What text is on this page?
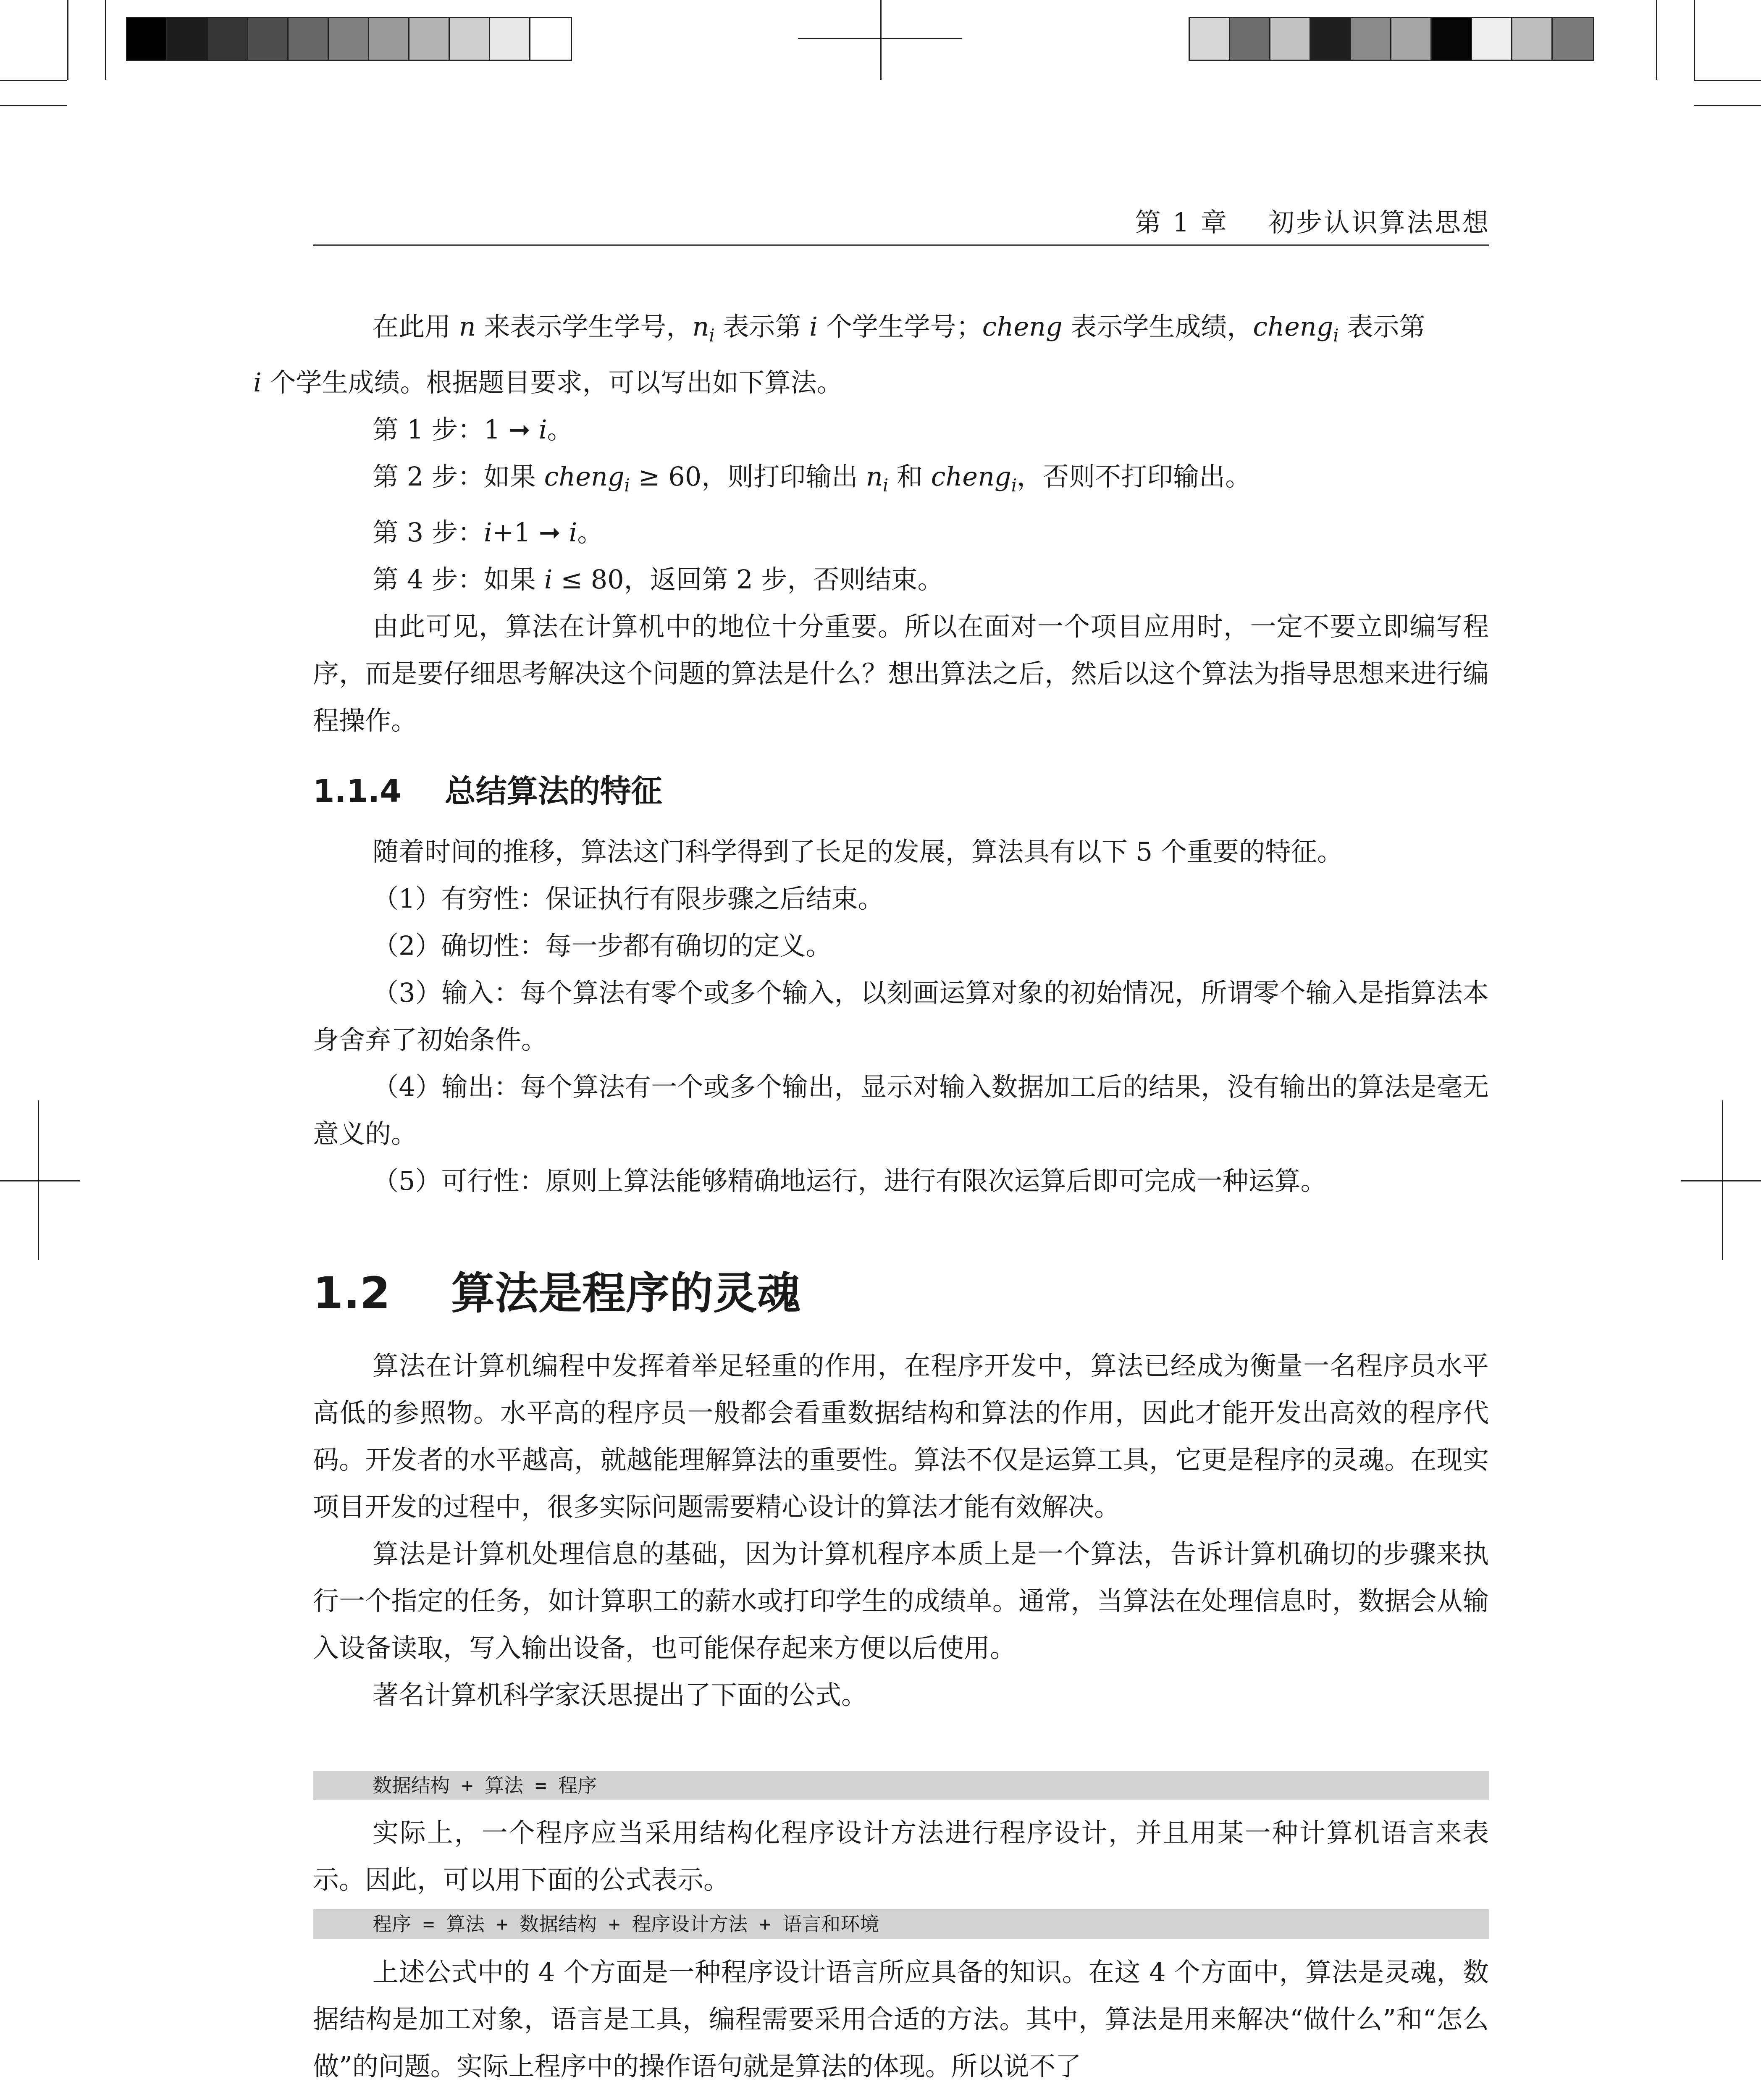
第 1 章    初步认识算法思想

在此用 n 来表示学生学号，$n_i$ 表示第 i 个学生学号；cheng 表示学生成绩，cheng$_i$ 表示第
i 个学生成绩。根据题目要求，可以写出如下算法。

第 1 步：1 ➞ i。

第 2 步：如果 cheng$_i$ ≥ 60，则打印输出 $n_i$ 和 cheng$_i$，否则不打印输出。

第 3 步：i+1 ➞ i。

第 4 步：如果 i ≤ 80，返回第 2 步，否则结束。

由此可见，算法在计算机中的地位十分重要。所以在面对一个项目应用时，一定不要立即编写程序，而是要仔细思考解决这个问题的算法是什么？想出算法之后，然后以这个算法为指导思想来进行编程操作。

1.1.4    总结算法的特征

随着时间的推移，算法这门科学得到了长足的发展，算法具有以下 5 个重要的特征。

（1）有穷性：保证执行有限步骤之后结束。

（2）确切性：每一步都有确切的定义。

（3）输入：每个算法有零个或多个输入，以刻画运算对象的初始情况，所谓零个输入是指算法本身舍弃了初始条件。

（4）输出：每个算法有一个或多个输出，显示对输入数据加工后的结果，没有输出的算法是毫无意义的。

（5）可行性：原则上算法能够精确地运行，进行有限次运算后即可完成一种运算。

1.2    算法是程序的灵魂

算法在计算机编程中发挥着举足轻重的作用，在程序开发中，算法已经成为衡量一名程序员水平高低的参照物。水平高的程序员一般都会看重数据结构和算法的作用，因此才能开发出高效的程序代码。开发者的水平越高，就越能理解算法的重要性。算法不仅是运算工具，它更是程序的灵魂。在现实项目开发的过程中，很多实际问题需要精心设计的算法才能有效解决。

算法是计算机处理信息的基础，因为计算机程序本质上是一个算法，告诉计算机确切的步骤来执行一个指定的任务，如计算职工的薪水或打印学生的成绩单。通常，当算法在处理信息时，数据会从输入设备读取，写入输出设备，也可能保存起来方便以后使用。

著名计算机科学家沃思提出了下面的公式。

数据结构 + 算法 = 程序

实际上，一个程序应当采用结构化程序设计方法进行程序设计，并且用某一种计算机语言来表示。因此，可以用下面的公式表示。

程序 = 算法 + 数据结构 + 程序设计方法 + 语言和环境

上述公式中的 4 个方面是一种程序设计语言所应具备的知识。在这 4 个方面中，算法是灵魂，数据结构是加工对象，语言是工具，编程需要采用合适的方法。其中，算法是用来解决“做什么”和“怎么做”的问题。实际上程序中的操作语句就是算法的体现。所以说不了
